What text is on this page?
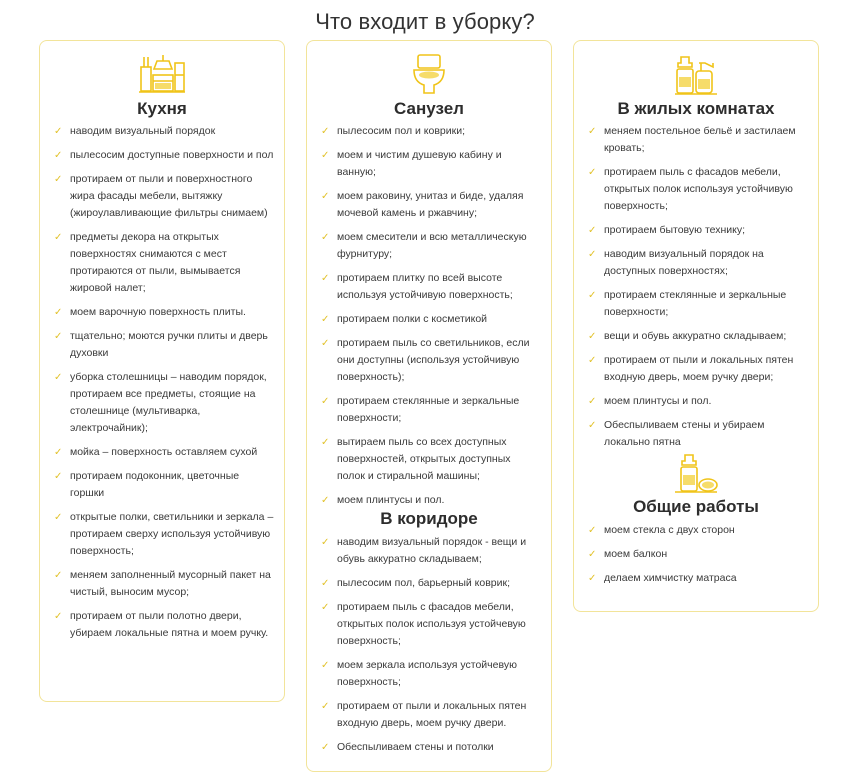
Что входит в уборку?
Кухня
✓ наводим визуальный порядок
✓ пылесосим доступные поверхности и пол
✓ протираем от пыли и поверхностного жира фасады мебели, вытяжку (жироулавливающие фильтры снимаем)
✓ предметы декора на открытых поверхностях снимаются с мест протираются от пыли, вымывается жировой налет;
✓ моем варочную поверхность плиты.
✓ тщательно; моются ручки плиты и дверь духовки
✓ уборка столешницы – наводим порядок, протираем все предметы, стоящие на столешнице (мультиварка, электрочайник);
✓ мойка – поверхность оставляем сухой
✓ протираем подоконник, цветочные горшки
✓ открытые полки, светильники и зеркала – протираем сверху используя устойчивую поверхность;
✓ меняем заполненный мусорный пакет на чистый, выносим мусор;
✓ протираем от пыли полотно двери, убираем локальные пятна и моем ручку.
Санузел
✓ пылесосим пол и коврики;
✓ моем и чистим душевую кабину и ванную;
✓ моем раковину, унитаз и биде, удаляя мочевой камень и ржавчину;
✓ моем смесители и всю металлическую фурнитуру;
✓ протираем плитку по всей высоте используя устойчивую поверхность;
✓ протираем полки с косметикой
✓ протираем пыль со светильников, если они доступны (используя устойчивую поверхность);
✓ протираем стеклянные и зеркальные поверхности;
✓ вытираем пыль со всех доступных поверхностей, открытых доступных полок и стиральной машины;
✓ моем плинтусы и пол.
В коридоре
✓ наводим визуальный порядок - вещи и обувь аккуратно складываем;
✓ пылесосим пол, барьерный коврик;
✓ протираем пыль с фасадов мебели, открытых полок используя устойчевую поверхность;
✓ моем зеркала используя устойчевую поверхность;
✓ протираем от пыли и локальных пятен входную дверь, моем ручку двери.
✓ Обеспыливаем стены и потолки
В жилых комнатах
✓ меняем постельное бельё и застилаем кровать;
✓ протираем пыль с фасадов мебели, открытых полок используя устойчивую поверхность;
✓ протираем бытовую технику;
✓ наводим визуальный порядок на доступных поверхностях;
✓ протираем стеклянные и зеркальные поверхности;
✓ вещи и обувь аккуратно складываем;
✓ протираем от пыли и локальных пятен входную дверь, моем ручку двери;
✓ моем плинтусы и пол.
✓ Обеспыливаем стены и убираем локально пятна
Общие работы
✓ моем стекла с двух сторон
✓ моем балкон
✓ делаем химчистку матраса
